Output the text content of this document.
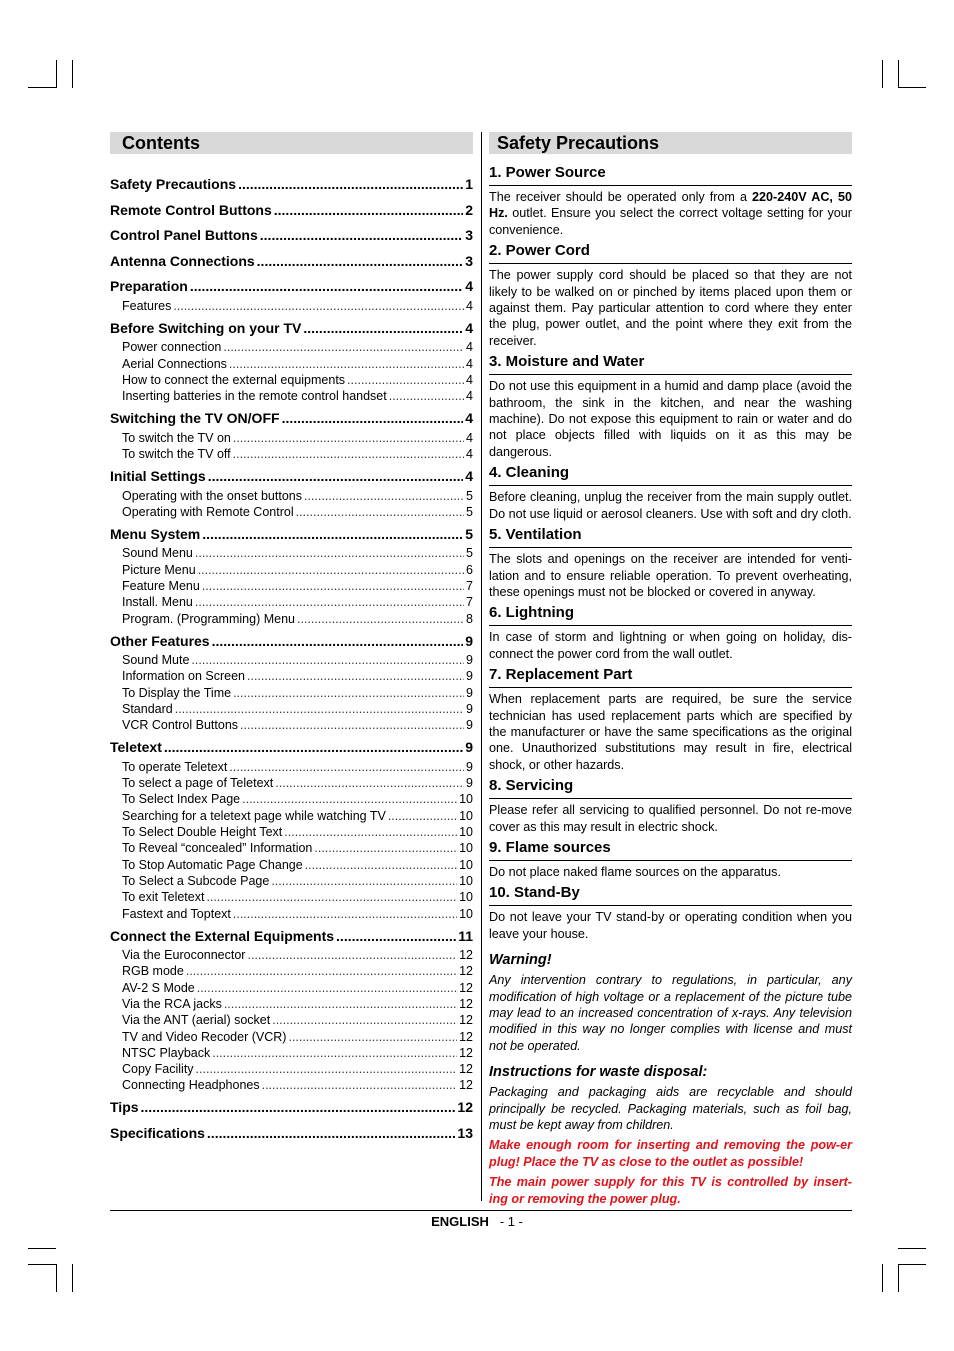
Contents	Safety Precautions
Safety Precautions .....	1
Remote Control Buttons .....	2
Control Panel Buttons .....	3
Antenna Connections .....	3
Preparation .....	4
Features .....	4
Before Switching on your TV .....	4
Power connection .....	4
Aerial Connections .....	4
How to connect the external equipments .....	4
Inserting batteries in the remote control handset .....	4
Switching the TV ON/OFF .....	4
To switch the TV on .....	4
To switch the TV off .....	4
Initial Settings .....	4
Operating with the onset buttons .....	5
Operating with Remote Control .....	5
Menu System .....	5
Sound Menu .....	5
Picture Menu .....	6
Feature Menu .....	7
Install. Menu .....	7
Program. (Programming) Menu .....	8
Other Features .....	9
Sound Mute .....	9
Information on Screen .....	9
To Display the Time .....	9
Standard .....	9
VCR Control Buttons .....	9
Teletext .....	9
To operate Teletext .....	9
To select a page of Teletext .....	9
To Select Index Page .....	10
Searching for a teletext page while watching TV .....	10
To Select Double Height Text .....	10
To Reveal “concealed” Information .....	10
To Stop Automatic Page Change .....	10
To Select a Subcode Page .....	10
To exit Teletext .....	10
Fastext and Toptext .....	10
Connect the External Equipments .....	11
Via the Euroconnector .....	12
RGB mode .....	12
AV-2 S Mode .....	12
Via the RCA jacks .....	12
Via the ANT (aerial) socket .....	12
TV and Video Recoder (VCR) .....	12
NTSC Playback .....	12
Copy Facility .....	12
Connecting Headphones .....	12
Tips .....	12
Specifications .....	13
1. Power Source
The receiver should be operated only from a 220-240V AC, 50 Hz. outlet. Ensure you select the correct voltage setting for your convenience.
2. Power Cord
The power supply cord should be placed so that they are not likely to be walked on or pinched by items placed upon them or against them. Pay particular attention to cord where they enter the plug, power outlet, and the point where they exit from the receiver.
3. Moisture and Water
Do not use this equipment in a humid and damp place (avoid the bathroom, the sink in the kitchen, and near the washing machine). Do not expose this equipment to rain or water and do not place objects filled with liquids on it as this may be dangerous.
4. Cleaning
Before cleaning, unplug the receiver from the main supply outlet. Do not use liquid or aerosol cleaners. Use with soft and dry cloth.
5. Ventilation
The slots and openings on the receiver are intended for venti-lation and to ensure reliable operation. To prevent overheating, these openings must not be blocked or covered in anyway.
6. Lightning
In case of storm and lightning or when going on holiday, dis-connect the power cord from the wall outlet.
7. Replacement Part
When replacement parts are required, be sure the service technician has used replacement parts which are specified by the manufacturer or have the same specifications as the original one. Unauthorized substitutions may result in fire, electrical shock, or other hazards.
8. Servicing
Please refer all servicing to qualified personnel. Do not re-move cover as this may result in electric shock.
9. Flame sources
Do not place naked flame sources on the apparatus.
10. Stand-By
Do not leave your TV stand-by or operating condition when you leave your house.
Warning!
Any intervention contrary to regulations, in particular, any modification of high voltage or a replacement of the picture tube may lead to an increased concentration of x-rays. Any television modified in this way no longer complies with license and must not be operated.
Instructions for waste disposal:
Packaging and packaging aids are recyclable and should principally be recycled. Packaging materials, such as foil bag, must be kept away from children.
Make enough room for inserting and removing the pow-er plug! Place the TV as close to the outlet as possible!
The main power supply for this TV is controlled by insert-ing or removing the power plug.
ENGLISH - 1 -
